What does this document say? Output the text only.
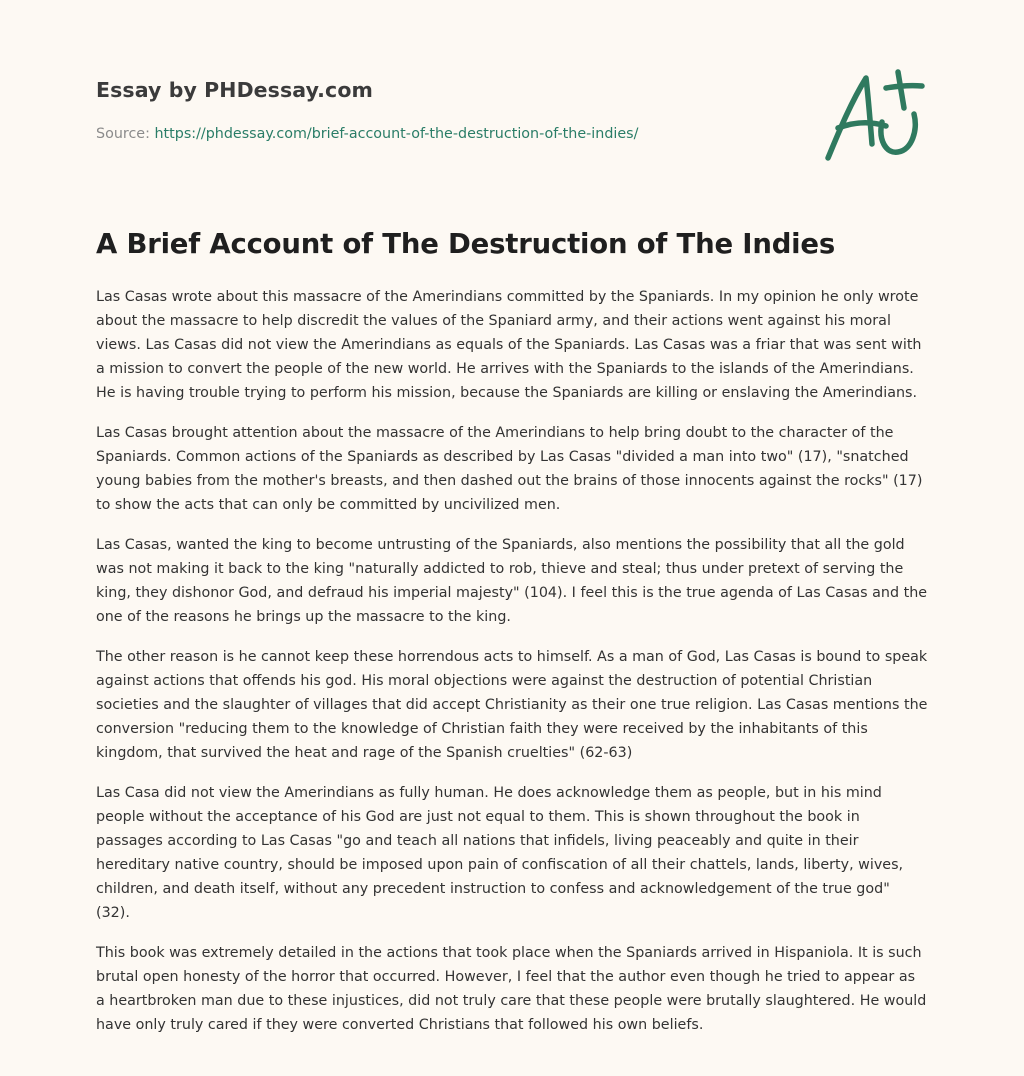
Essay by PHDessay.com
Source: https://phdessay.com/brief-account-of-the-destruction-of-the-indies/
A Brief Account of The Destruction of The Indies

Las Casas wrote about this massacre of the Amerindians committed by the Spaniards. In my opinion he only wrote about the massacre to help discredit the values of the Spaniard army, and their actions went against his moral views. Las Casas did not view the Amerindians as equals of the Spaniards. Las Casas was a friar that was sent with a mission to convert the people of the new world. He arrives with the Spaniards to the islands of the Amerindians. He is having trouble trying to perform his mission, because the Spaniards are killing or enslaving the Amerindians.

Las Casas brought attention about the massacre of the Amerindians to help bring doubt to the character of the Spaniards. Common actions of the Spaniards as described by Las Casas "divided a man into two" (17), "snatched young babies from the mother's breasts, and then dashed out the brains of those innocents against the rocks" (17) to show the acts that can only be committed by uncivilized men.

Las Casas, wanted the king to become untrusting of the Spaniards, also mentions the possibility that all the gold was not making it back to the king "naturally addicted to rob, thieve and steal; thus under pretext of serving the king, they dishonor God, and defraud his imperial majesty" (104). I feel this is the true agenda of Las Casas and the one of the reasons he brings up the massacre to the king.

The other reason is he cannot keep these horrendous acts to himself. As a man of God, Las Casas is bound to speak against actions that offends his god. His moral objections were against the destruction of potential Christian societies and the slaughter of villages that did accept Christianity as their one true religion. Las Casas mentions the conversion "reducing them to the knowledge of Christian faith they were received by the inhabitants of this kingdom, that survived the heat and rage of the Spanish cruelties" (62-63)

Las Casa did not view the Amerindians as fully human. He does acknowledge them as people, but in his mind people without the acceptance of his God are just not equal to them. This is shown throughout the book in passages according to Las Casas "go and teach all nations that infidels, living peaceably and quite in their hereditary native country, should be imposed upon pain of confiscation of all their chattels, lands, liberty, wives, children, and death itself, without any precedent instruction to confess and acknowledgement of the true god" (32).

This book was extremely detailed in the actions that took place when the Spaniards arrived in Hispaniola. It is such brutal open honesty of the horror that occurred. However, I feel that the author even though he tried to appear as a heartbroken man due to these injustices, did not truly care that these people were brutally slaughtered. He would have only truly cared if they were converted Christians that followed his own beliefs.
